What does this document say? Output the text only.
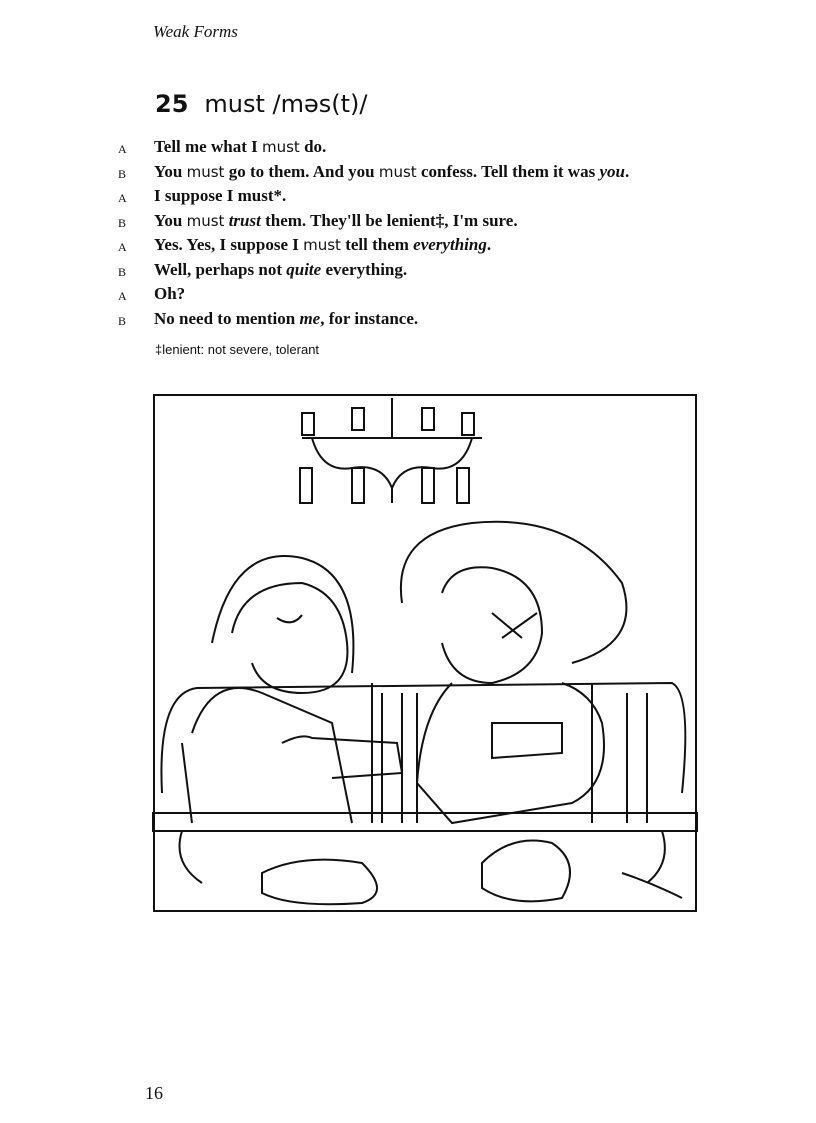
Weak Forms
25 must /məs(t)/
A	Tell me what I must do.
B	You must go to them. And you must confess. Tell them it was you.
A	I suppose I must*.
B	You must trust them. They'll be lenient‡, I'm sure.
A	Yes. Yes, I suppose I must tell them everything.
B	Well, perhaps not quite everything.
A	Oh?
B	No need to mention me, for instance.
‡lenient: not severe, tolerant
16
